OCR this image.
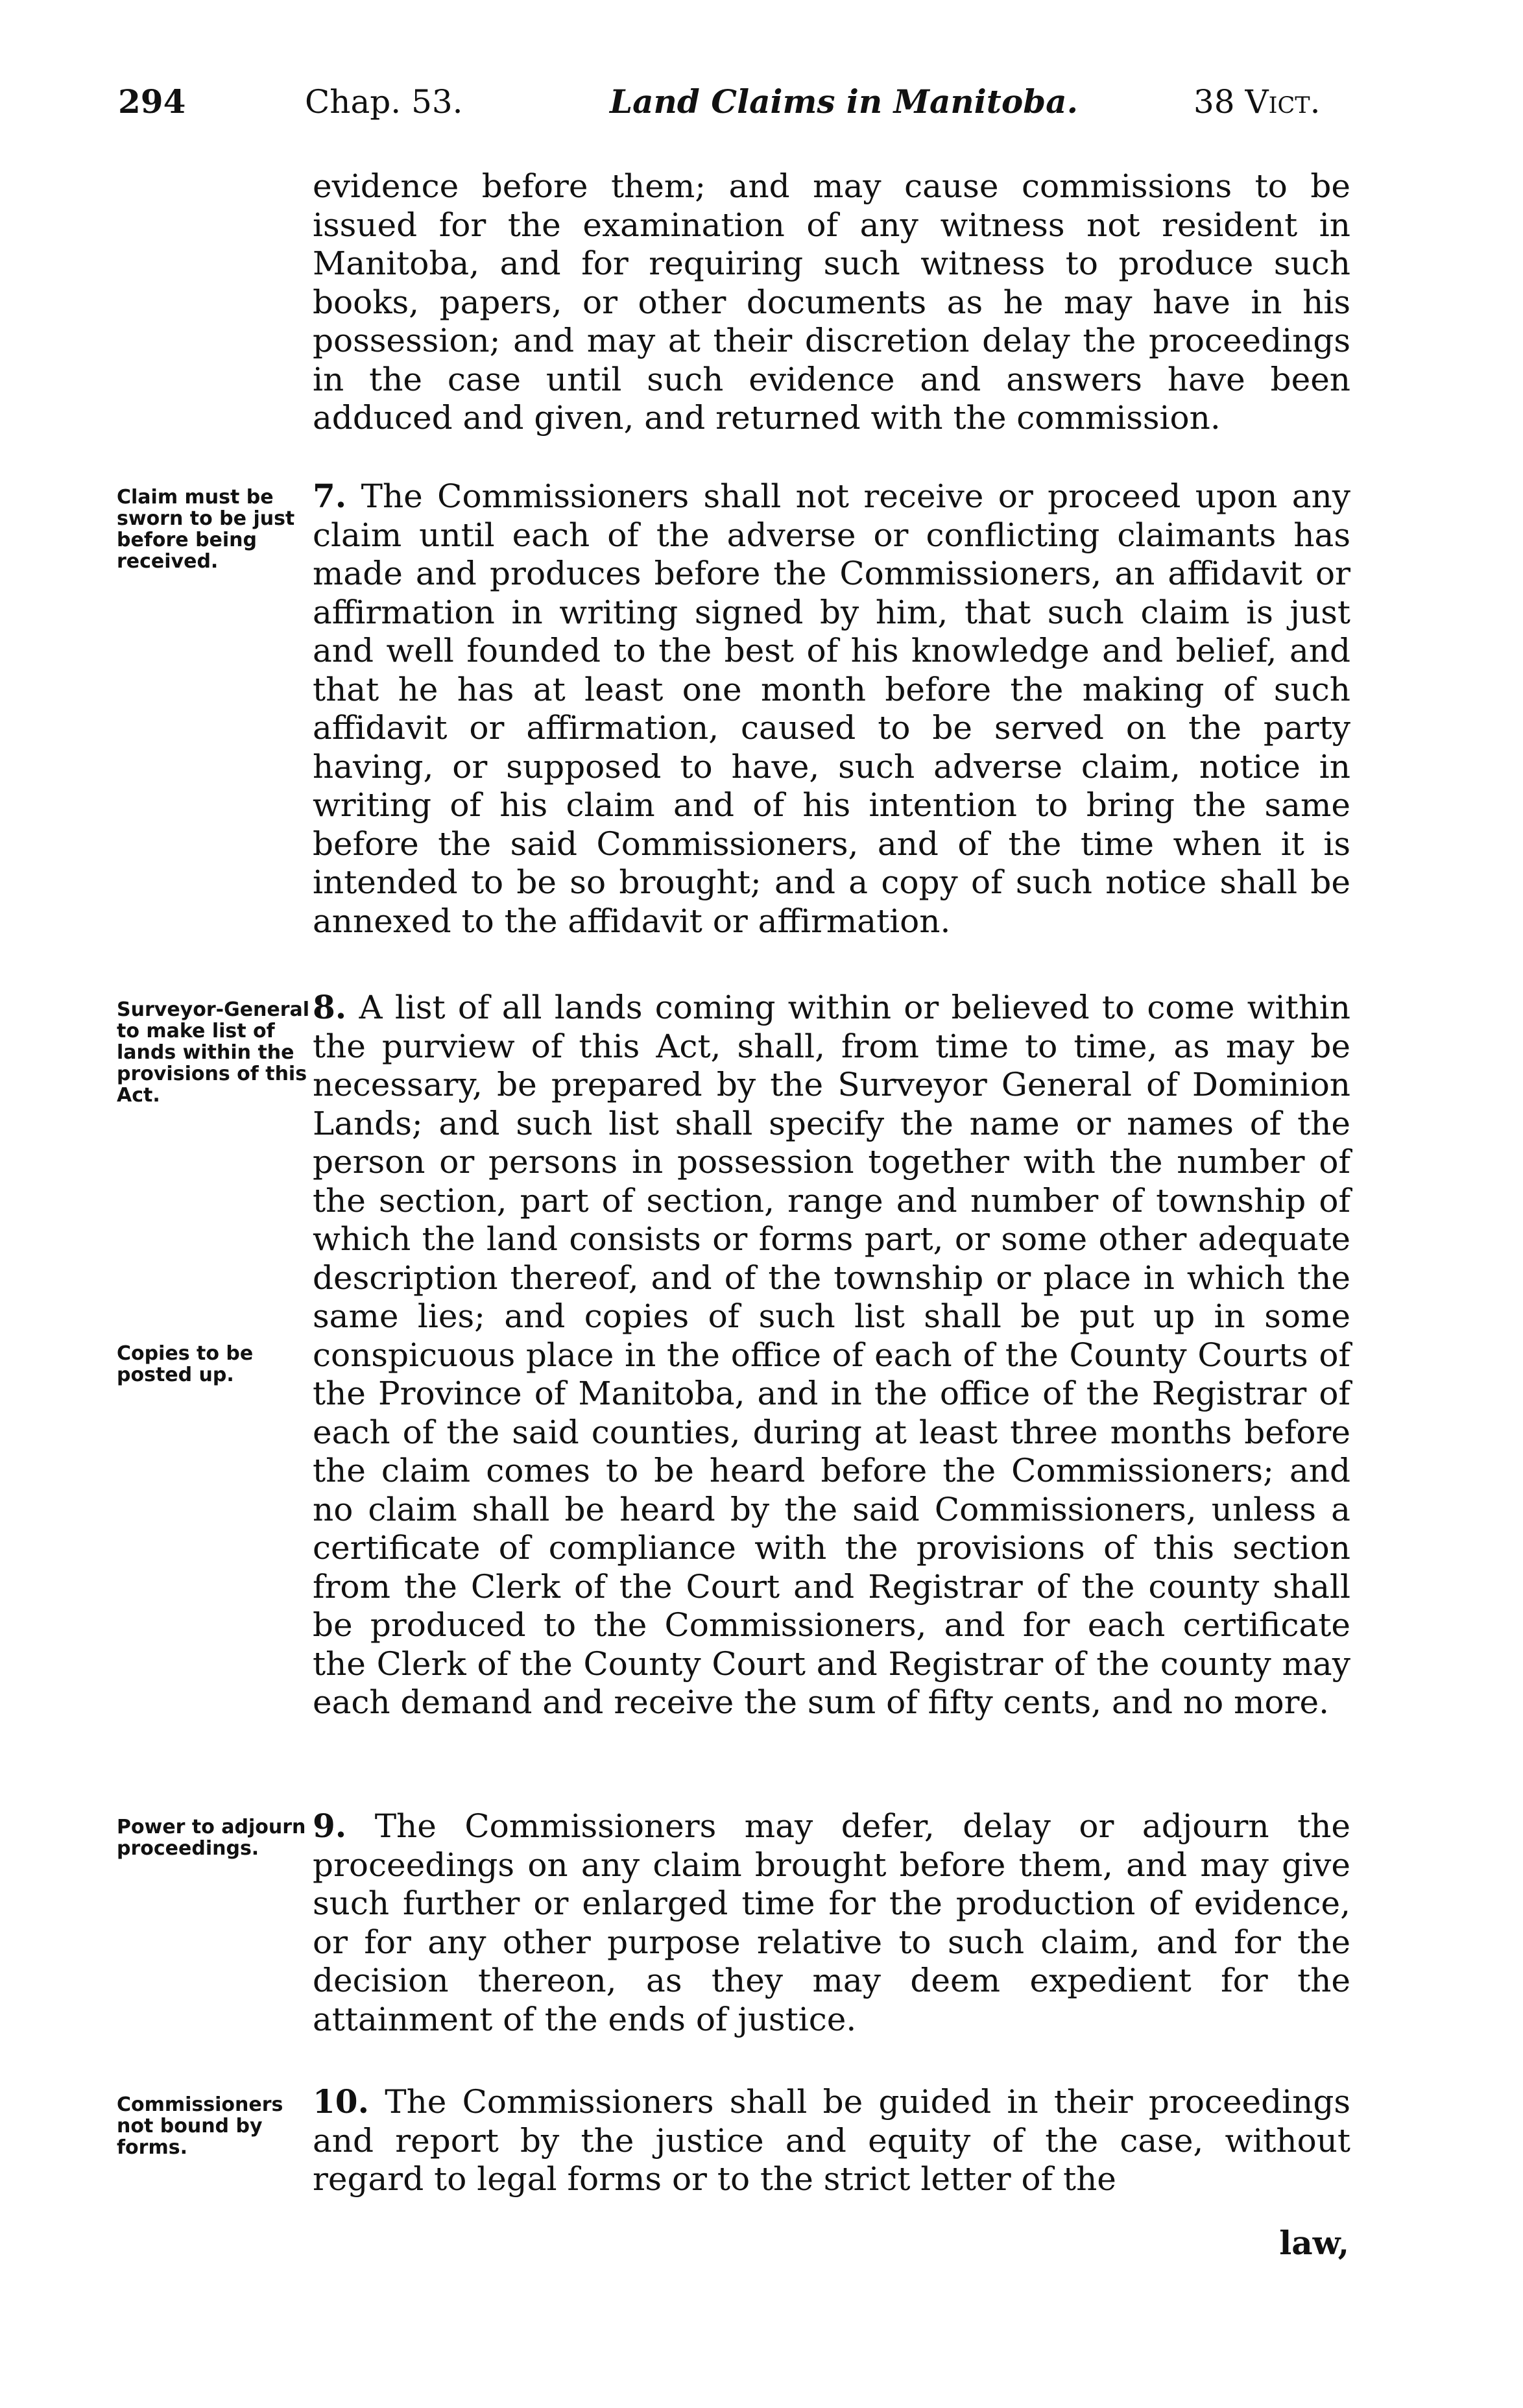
294	Chap. 53.	Land Claims in Manitoba.	38 Vict.

evidence before them; and may cause commissions to be issued for the examination of any witness not resident in Manitoba, and for requiring such witness to produce such books, papers, or other documents as he may have in his possession; and may at their discretion delay the proceedings in the case until such evidence and answers have been adduced and given, and returned with the commission.

Claim must be sworn to be just before being received.

7. The Commissioners shall not receive or proceed upon any claim until each of the adverse or conflicting claimants has made and produces before the Commissioners, an affidavit or affirmation in writing signed by him, that such claim is just and well founded to the best of his knowledge and belief, and that he has at least one month before the making of such affidavit or affirmation, caused to be served on the party having, or supposed to have, such adverse claim, notice in writing of his claim and of his intention to bring the same before the said Commissioners, and of the time when it is intended to be so brought; and a copy of such notice shall be annexed to the affidavit or affirmation.

Surveyor-General to make list of lands within the provisions of this Act.
Copies to be posted up.

8. A list of all lands coming within or believed to come within the purview of this Act, shall, from time to time, as may be necessary, be prepared by the Surveyor General of Dominion Lands; and such list shall specify the name or names of the person or persons in possession together with the number of the section, part of section, range and number of township of which the land consists or forms part, or some other adequate description thereof, and of the township or place in which the same lies; and copies of such list shall be put up in some conspicuous place in the office of each of the County Courts of the Province of Manitoba, and in the office of the Registrar of each of the said counties, during at least three months before the claim comes to be heard before the Commissioners; and no claim shall be heard by the said Commissioners, unless a certificate of compliance with the provisions of this section from the Clerk of the Court and Registrar of the county shall be produced to the Commissioners, and for each certificate the Clerk of the County Court and Registrar of the county may each demand and receive the sum of fifty cents, and no more.

Power to adjourn proceedings.

9. The Commissioners may defer, delay or adjourn the proceedings on any claim brought before them, and may give such further or enlarged time for the production of evidence, or for any other purpose relative to such claim, and for the decision thereon, as they may deem expedient for the attainment of the ends of justice.

Commissioners not bound by forms.

10. The Commissioners shall be guided in their proceedings and report by the justice and equity of the case, without regard to legal forms or to the strict letter of the

law,
